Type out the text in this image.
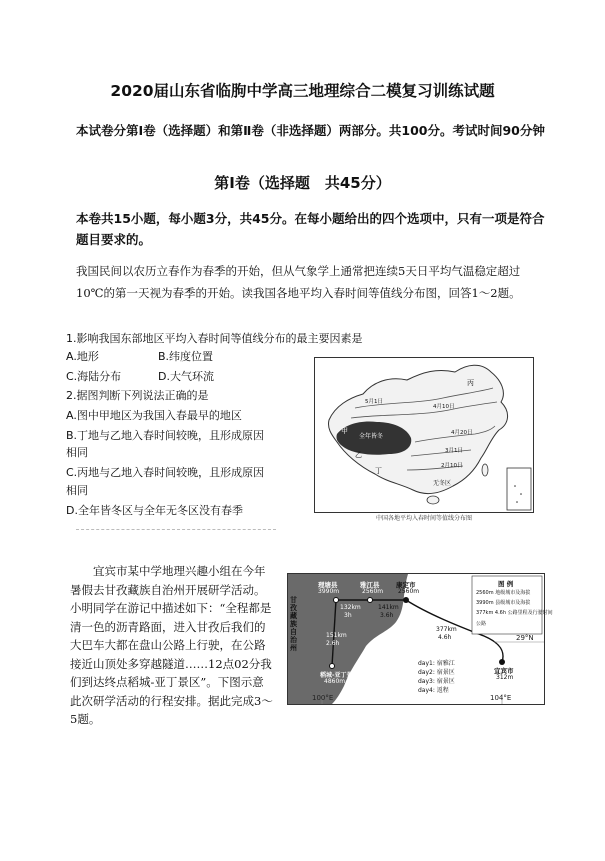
2020届山东省临朐中学高三地理综合二模复习训练试题
本试卷分第Ⅰ卷（选择题）和第Ⅱ卷（非选择题）两部分。共100分。考试时间90分钟
第Ⅰ卷（选择题　共45分）
本卷共15小题，每小题3分，共45分。在每小题给出的四个选项中，只有一项是符合题目要求的。
我国民间以农历立春作为春季的开始，但从气象学上通常把连续5天日平均气温稳定超过10℃的第一天视为春季的开始。读我国各地平均入春时间等值线分布图，回答1～2题。
1.影响我国东部地区平均入春时间等值线分布的最主要因素是
A.地形	B.纬度位置
C.海陆分布	D.大气环流
2.据图判断下列说法正确的是
A.图中甲地区为我国入春最早的地区
B.丁地与乙地入春时间较晚，且形成原因
相同
C.丙地与乙地入春时间较晚，且形成原因
相同
D.全年皆冬区与全年无冬区没有春季
全年皆冬
无冬区
甲
乙
丙
丁
5月1日
4月10日
4月20日
3月1日
2月10日
中国各地平均入春时间等值线分布图

宜宾市某中学地理兴趣小组在今年暑假去甘孜藏族自治州开展研学活动。小明同学在游记中描述如下：“全程都是清一色的沥青路面，进入甘孜后我们的大巴车大都在盘山公路上行驶，在公路接近山顶处多穿越隧道……12点02分我们到达终点稻城-亚丁景区”。下图示意此次研学活动的行程安排。据此完成3～5题。

甘孜藏族自治州
理塘县
3990m
雅江县
2560m
康定市
2560m
稻城-亚丁景区
4860m
宜宾市
312m
132km
3h
141km
3.6h
377km
4.6h
151km
2.6h
图 例
2560m 地级城市及海拔
3990m 县级城市及海拔
377km 4.6h 公路里程及行驶时间
公路
day1: 宿雅江
day2: 宿景区
day3: 宿景区
day4: 返程
29°N
100°E	104°E
